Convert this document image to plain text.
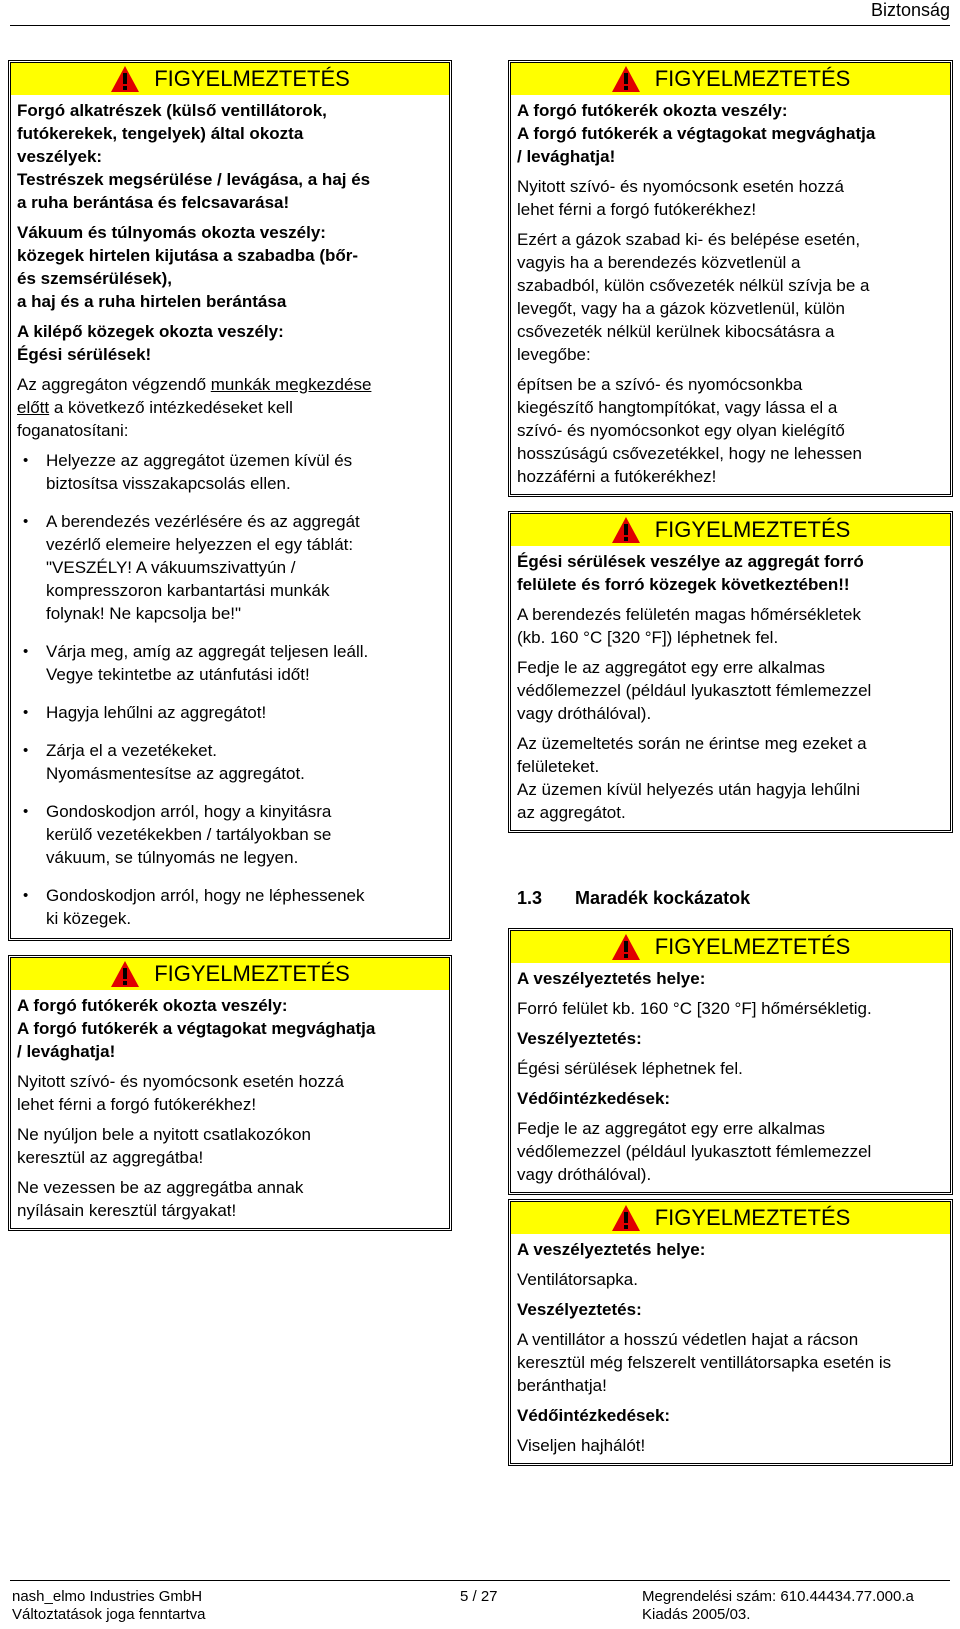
Biztonság
FIGYELMEZTETÉS
Forgó alkatrészek (külső ventillátorok,
futókerekek, tengelyek) által okozta
veszélyek:
Testrészek megsérülése / levágása, a haj és
a ruha berántása és felcsavarása!
Vákuum és túlnyomás okozta veszély:
közegek hirtelen kijutása a szabadba (bőr-
és szemsérülések),
a haj és a ruha hirtelen berántása
A kilépő közegek okozta veszély:
Égési sérülések!
Az aggregáton végzendő munkák megkezdése
előtt a következő intézkedéseket kell
foganatosítani:
• Helyezze az aggregátot üzemen kívül és
biztosítsa visszakapcsolás ellen.
• A berendezés vezérlésére és az aggregát
vezérlő elemeire helyezzen el egy táblát:
"VESZÉLY! A vákuumszivattyún /
kompresszoron karbantartási munkák
folynak! Ne kapcsolja be!"
• Várja meg, amíg az aggregát teljesen leáll.
Vegye tekintetbe az utánfutási időt!
• Hagyja lehűlni az aggregátot!
• Zárja el a vezetékeket.
Nyomásmentesítse az aggregátot.
• Gondoskodjon arról, hogy a kinyitásra
kerülő vezetékekben / tartályokban se
vákuum, se túlnyomás ne legyen.
• Gondoskodjon arról, hogy ne léphessenek
ki közegek.
FIGYELMEZTETÉS
A forgó futókerék okozta veszély:
A forgó futókerék a végtagokat megvághatja
/ levághatja!
Nyitott szívó- és nyomócsonk esetén hozzá
lehet férni a forgó futókerékhez!
Ne nyúljon bele a nyitott csatlakozókon
keresztül az aggregátba!
Ne vezessen be az aggregátba annak
nyílásain keresztül tárgyakat!
FIGYELMEZTETÉS
A forgó futókerék okozta veszély:
A forgó futókerék a végtagokat megvághatja
/ levághatja!
Nyitott szívó- és nyomócsonk esetén hozzá
lehet férni a forgó futókerékhez!
Ezért a gázok szabad ki- és belépése esetén,
vagyis ha a berendezés közvetlenül a
szabadból, külön csővezeték nélkül szívja be a
levegőt, vagy ha a gázok közvetlenül, külön
csővezeték nélkül kerülnek kibocsátásra a
levegőbe:
építsen be a szívó- és nyomócsonkba
kiegészítő hangtompítókat, vagy lássa el a
szívó- és nyomócsonkot egy olyan kielégítő
hosszúságú csővezetékkel, hogy ne lehessen
hozzáférni a futókerékhez!
FIGYELMEZTETÉS
Égési sérülések veszélye az aggregát forró
felülete és forró közegek következtében!!
A berendezés felületén magas hőmérsékletek
(kb. 160 °C [320 °F]) léphetnek fel.
Fedje le az aggregátot egy erre alkalmas
védőlemezzel (például lyukasztott fémlemezzel
vagy dróthálóval).
Az üzemeltetés során ne érintse meg ezeket a
felületeket.
Az üzemen kívül helyezés után hagyja lehűlni
az aggregátot.
1.3 Maradék kockázatok
FIGYELMEZTETÉS
A veszélyeztetés helye:
Forró felület kb. 160 °C [320 °F] hőmérsékletig.
Veszélyeztetés:
Égési sérülések léphetnek fel.
Védőintézkedések:
Fedje le az aggregátot egy erre alkalmas
védőlemezzel (például lyukasztott fémlemezzel
vagy dróthálóval).
FIGYELMEZTETÉS
A veszélyeztetés helye:
Ventilátorsapka.
Veszélyeztetés:
A ventillátor a hosszú védetlen hajat a rácson
keresztül még felszerelt ventillátorsapka esetén is
beránthatja!
Védőintézkedések:
Viseljen hajhálót!
nash_elmo Industries GmbH
Változtatások joga fenntartva
5 / 27	Megrendelési szám: 610.44434.77.000.a
Kiadás 2005/03.
